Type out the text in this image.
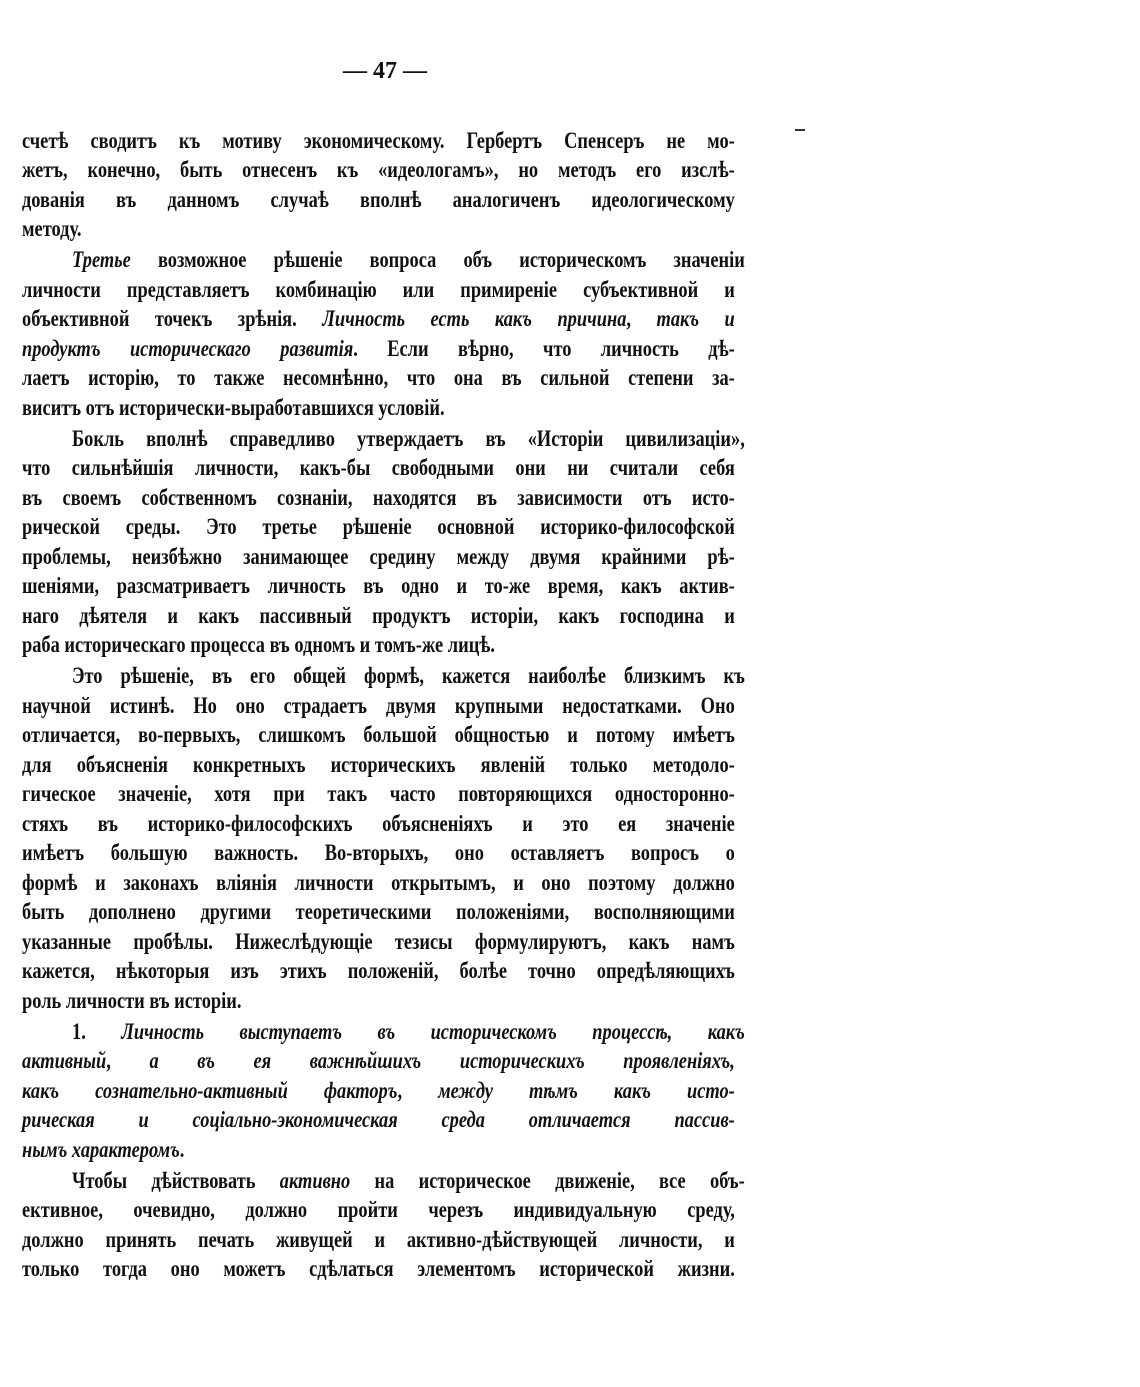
— 47 —
счетѣ сводитъ къ мотиву экономическому. Гербертъ Спенсеръ не мо-
жетъ, конечно, быть отнесенъ къ «идеологамъ», но методъ его изслѣ-
дованія въ данномъ случаѣ вполнѣ аналогиченъ идеологическому
методу.
Третье возможное рѣшеніе вопроса объ историческомъ значеніи
личности представляетъ комбинацію или примиреніе субъективной и
объективной точекъ зрѣнія. Личность есть какъ причина, такъ и
продуктъ историческаго развитія. Если вѣрно, что личность дѣ-
лаетъ исторію, то также несомнѣнно, что она въ сильной степени за-
виситъ отъ исторически-выработавшихся условій.
Бокль вполнѣ справедливо утверждаетъ въ «Исторіи цивилизаціи»,
что сильнѣйшія личности, какъ-бы свободными они ни считали себя
въ своемъ собственномъ сознаніи, находятся въ зависимости отъ исто-
рической среды. Это третье рѣшеніе основной историко-философской
проблемы, неизбѣжно занимающее средину между двумя крайними рѣ-
шеніями, разсматриваетъ личность въ одно и то-же время, какъ актив-
наго дѣятеля и какъ пассивный продуктъ исторіи, какъ господина и
раба историческаго процесса въ одномъ и томъ-же лицѣ.
Это рѣшеніе, въ его общей формѣ, кажется наиболѣе близкимъ къ
научной истинѣ. Но оно страдаетъ двумя крупными недостатками. Оно
отличается, во-первыхъ, слишкомъ большой общностью и потому имѣетъ
для объясненія конкретныхъ историческихъ явленій только методоло-
гическое значеніе, хотя при такъ часто повторяющихся односторонно-
стяхъ въ историко-философскихъ объясненіяхъ и это ея значеніе
имѣетъ большую важность. Во-вторыхъ, оно оставляетъ вопросъ о
формѣ и законахъ вліянія личности открытымъ, и оно поэтому должно
быть дополнено другими теоретическими положеніями, восполняющими
указанные пробѣлы. Нижеслѣдующіе тезисы формулируютъ, какъ намъ
кажется, нѣкоторыя изъ этихъ положеній, болѣе точно опредѣляющихъ
роль личности въ исторіи.
1. Личность выступаетъ въ историческомъ процессѣ, какъ
активный, а въ ея важнѣйшихъ историческихъ проявленіяхъ,
какъ сознательно-активный факторъ, между тѣмъ какъ исто-
рическая и соціально-экономическая среда отличается пассив-
нымъ характеромъ.
Чтобы дѣйствовать активно на историческое движеніе, все объ-
ективное, очевидно, должно пройти черезъ индивидуальную среду,
должно принять печать живущей и активно-дѣйствующей личности, и
только тогда оно можетъ сдѣлаться элементомъ исторической жизни.
